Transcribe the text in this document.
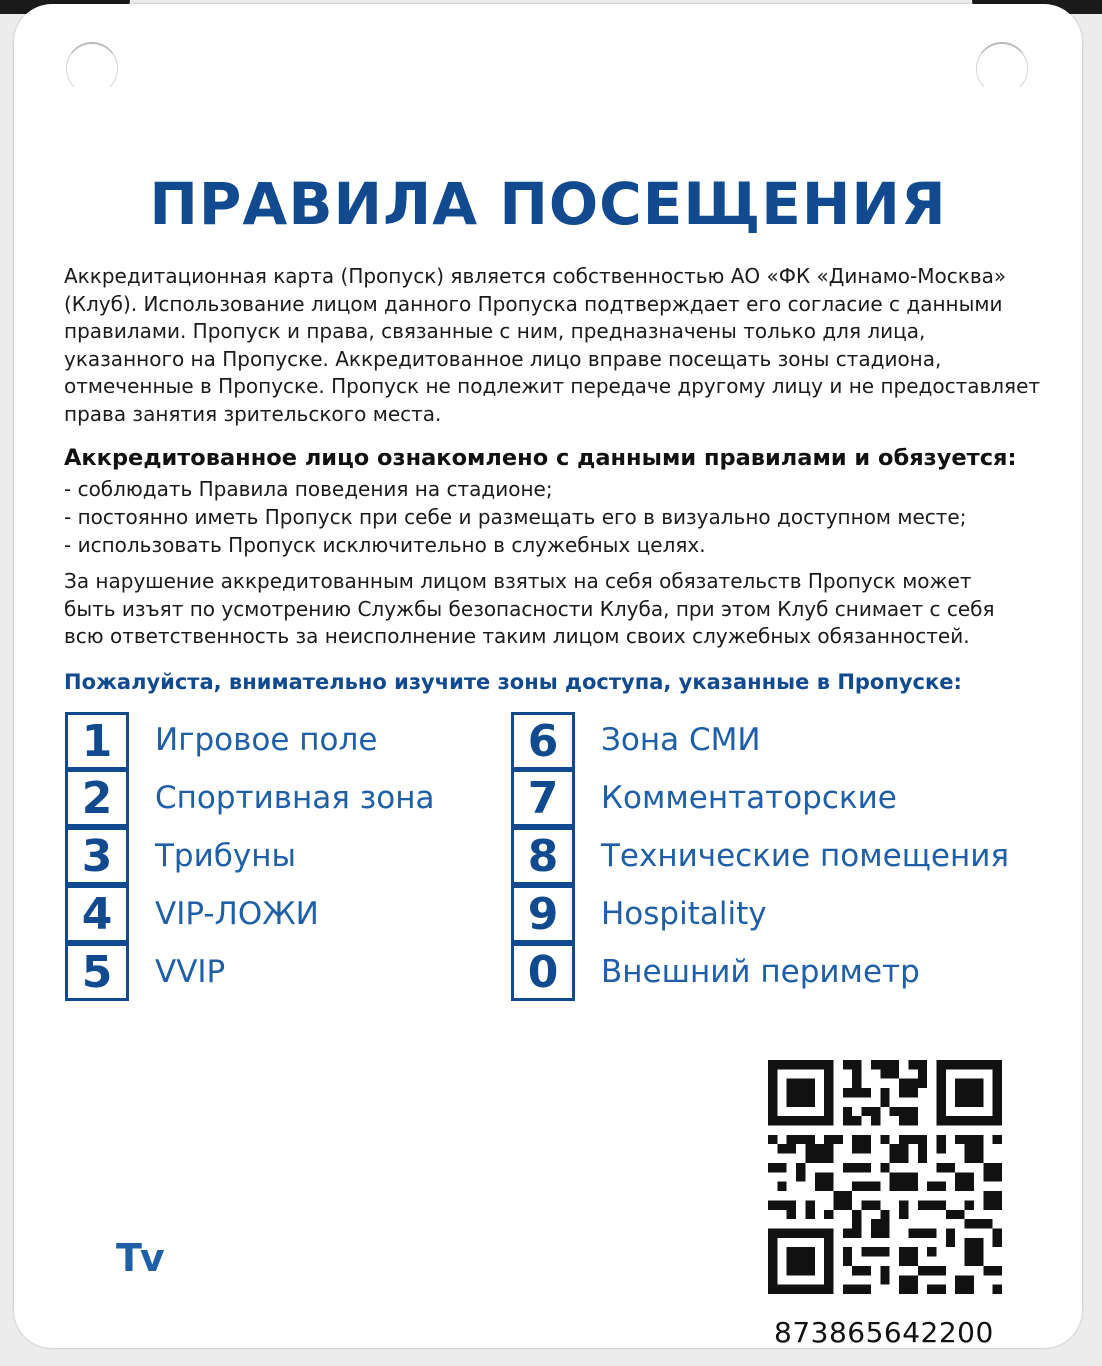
ПРАВИЛА ПОСЕЩЕНИЯ
Аккредитационная карта (Пропуск) является собственностью АО «ФК «Динамо-Москва»
(Клуб). Использование лицом данного Пропуска подтверждает его согласие с данными
правилами. Пропуск и права, связанные с ним, предназначены только для лица,
указанного на Пропуске. Аккредитованное лицо вправе посещать зоны стадиона,
отмеченные в Пропуске. Пропуск не подлежит передаче другому лицу и не предоставляет
права занятия зрительского места.
Аккредитованное лицо ознакомлено с данными правилами и обязуется:
- соблюдать Правила поведения на стадионе;
- постоянно иметь Пропуск при себе и размещать его в визуально доступном месте;
- использовать Пропуск исключительно в служебных целях.
За нарушение аккредитованным лицом взятых на себя обязательств Пропуск может
быть изъят по усмотрению Службы безопасности Клуба, при этом Клуб снимает с себя
всю ответственность за неисполнение таким лицом своих служебных обязанностей.
Пожалуйста, внимательно изучите зоны доступа, указанные в Пропуске:
1	Игровое поле
2	Спортивная зона
3	Трибуны
4	VIP-ЛОЖИ
5	VVIP
6	Зона СМИ
7	Комментаторские
8	Технические помещения
9	Hospitality
0	Внешний периметр
Tv
873865642200
